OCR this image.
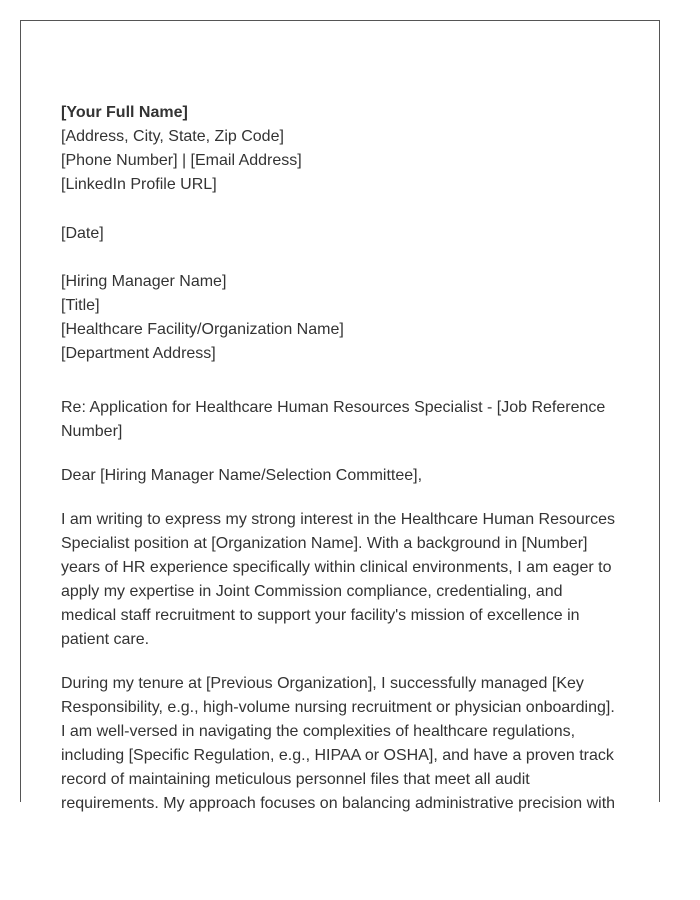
[Your Full Name]
[Address, City, State, Zip Code]
[Phone Number] | [Email Address]
[LinkedIn Profile URL]
[Date]
[Hiring Manager Name]
[Title]
[Healthcare Facility/Organization Name]
[Department Address]

Re: Application for Healthcare Human Resources Specialist - [Job Reference Number]

Dear [Hiring Manager Name/Selection Committee],

I am writing to express my strong interest in the Healthcare Human Resources Specialist position at [Organization Name]. With a background in [Number] years of HR experience specifically within clinical environments, I am eager to apply my expertise in Joint Commission compliance, credentialing, and medical staff recruitment to support your facility's mission of excellence in patient care.

During my tenure at [Previous Organization], I successfully managed [Key Responsibility, e.g., high-volume nursing recruitment or physician onboarding]. I am well-versed in navigating the complexities of healthcare regulations, including [Specific Regulation, e.g., HIPAA or OSHA], and have a proven track record of maintaining meticulous personnel files that meet all audit requirements. My approach focuses on balancing administrative precision with
